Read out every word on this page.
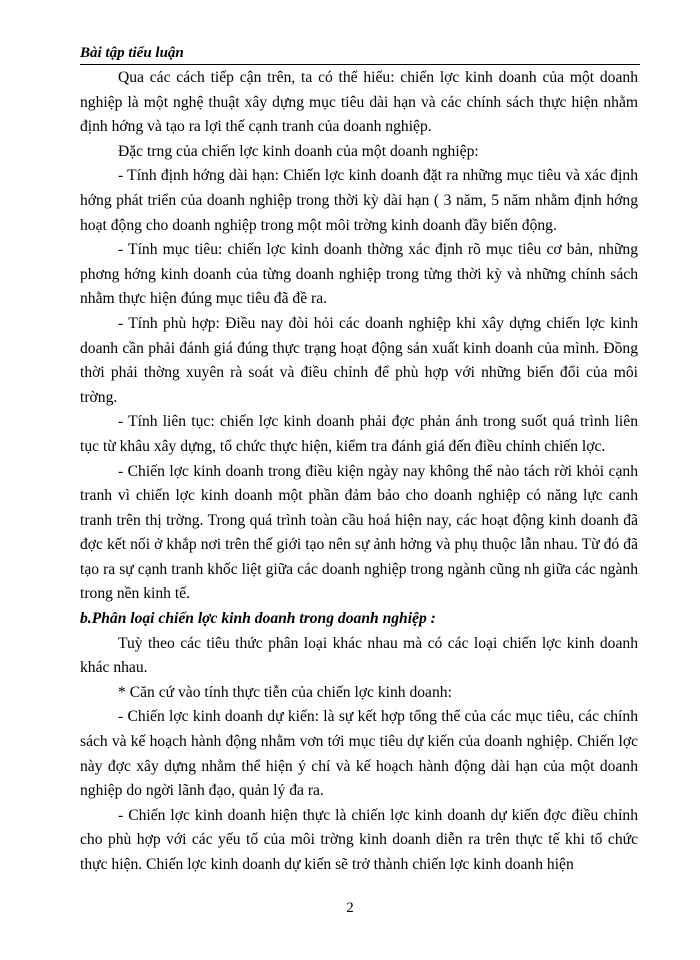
Bài tập tiểu luận

Qua các cách tiếp cận trên, ta có thể hiểu: chiến lợc kinh doanh của một doanh nghiệp là một nghệ thuật xây dựng mục tiêu dài hạn và các chính sách thực hiện nhằm định hớng và tạo ra lợi thế cạnh tranh của doanh nghiệp.

Đặc trng của chiến lợc kinh doanh của một doanh nghiệp:

- Tính định hớng dài hạn: Chiến lợc kinh doanh đặt ra những mục tiêu và xác định hớng phát triển của doanh nghiệp trong thời kỳ dài hạn ( 3 năm, 5 năm nhằm định hớng hoạt động cho doanh nghiệp trong một môi trờng kinh doanh đầy biến động.

- Tính mục tiêu: chiến lợc kinh doanh thờng xác định rõ mục tiêu cơ bản, những phơng hớng kinh doanh của từng doanh nghiệp trong từng thời kỳ và những chính sách nhằm thực hiện đúng mục tiêu đã đề ra.

- Tính phù hợp: Điều nay đòi hỏi các doanh nghiệp khi xây dựng chiến lợc kinh doanh cần phải đánh giá đúng thực trạng hoạt động sản xuất kinh doanh của mình. Đồng thời phải thờng xuyên rà soát và điều chỉnh để phù hợp với những biến đổi của môi trờng.

- Tính liên tục: chiến lợc kinh doanh phải đợc phản ánh trong suốt quá trình liên tục từ khâu xây dựng, tổ chức thực hiện, kiểm tra đánh giá đến điều chỉnh chiến lợc.

- Chiến lợc kinh doanh trong điều kiện ngày nay không thể nào tách rời khỏi cạnh tranh vì chiến lợc kinh doanh một phần đảm bảo cho doanh nghiệp có năng lực canh tranh trên thị trờng. Trong quá trình toàn cầu hoá hiện nay, các hoạt động kinh doanh đã đợc kết nối ở khắp nơi trên thế giới tạo nên sự ảnh hởng và phụ thuộc lẫn nhau. Từ đó đã tạo ra sự cạnh tranh khốc liệt giữa các doanh nghiệp trong ngành cũng nh giữa các ngành trong nền kinh tế.

b.Phân loại chiến lợc kinh doanh trong doanh nghiệp :

Tuỳ theo các tiêu thức phân loại khác nhau mà có các loại chiến lợc kinh doanh khác nhau.

* Căn cứ vào tính thực tiễn của chiến lợc kinh doanh:

- Chiến lợc kinh doanh dự kiến: là sự kết hợp tổng thể của các mục tiêu, các chính sách và kế hoạch hành động nhằm vơn tới mục tiêu dự kiến của doanh nghiệp. Chiến lợc này đợc xây dựng nhằm thể hiện ý chí và kế hoạch hành động dài hạn của một doanh nghiệp do ngời lãnh đạo, quản lý đa ra.

- Chiến lợc kinh doanh hiện thực là chiến lợc kinh doanh dự kiến đợc điều chỉnh cho phù hợp với các yếu tố của môi trờng kinh doanh diễn ra trên thực tế khi tổ chức thực hiện. Chiến lợc kinh doanh dự kiến sẽ trở thành chiến lợc kinh doanh hiện

2
